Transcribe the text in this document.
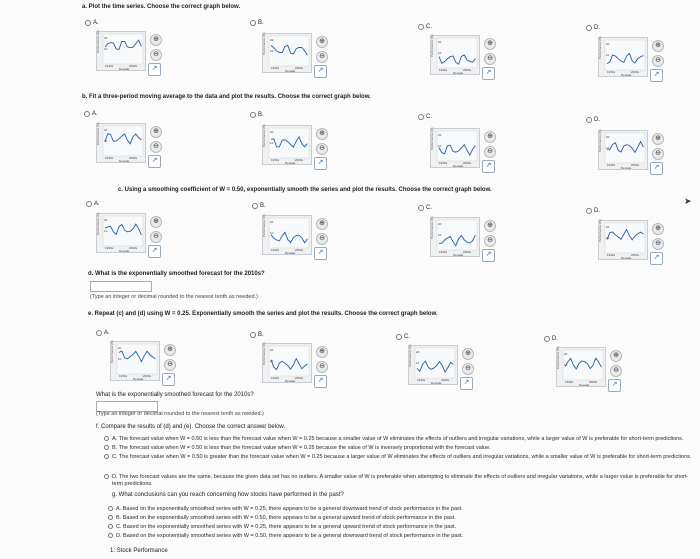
a. Plot the time series. Choose the correct graph below.
A.	B.
C.	D.
b. Fit a three-period moving average to the data and plot the results. Choose the correct graph below.
A.	B.	C.	D.
c. Using a smoothing coefficient of W = 0.50, exponentially smooth the series and plot the results. Choose the correct graph below.
A.	B.	C.	D.
d. What is the exponentially smoothed forecast for the 2010s?
(Type an integer or decimal rounded to the nearest tenth as needed.)
e. Repeat (c) and (d) using W = 0.25. Exponentially smooth the series and plot the results. Choose the correct graph below.
A.	B.	C.	D.
What is the exponentially smoothed forecast for the 2010s?
(Type an integer or decimal rounded to the nearest tenth as needed.)
f. Compare the results of (d) and (e). Choose the correct answer below.
A. The forecast value when W = 0.50 is less than the forecast value when W = 0.25 because a smaller value of W eliminates the effects of outliers and irregular variations, while a larger value of W is preferable for short-term predictions.
B. The forecast value when W = 0.50 is less than the forecast value when W = 0.25 because the value of W is inversely proportional with the forecast value.
C. The forecast value when W = 0.50 is greater than the forecast value when W = 0.25 because a larger value of W eliminates the effects of outliers and irregular variations, while a smaller value of W is preferable for short-term predictions.
D. The two forecast values are the same, because the given data set has no outliers. A smaller value of W is preferable when attempting to eliminate the effects of outliers and irregular variations, while a larger value is preferable for short-term predictions.
g. What conclusions can you reach concerning how stocks have performed in the past?
A. Based on the exponentially smoothed series with W = 0.25, there appears to be a general downward trend of stock performance in the past.
B. Based on the exponentially smoothed series with W = 0.50, there appears to be a general upward trend of stock performance in the past.
C. Based on the exponentially smoothed series with W = 0.25, there appears to be a general upward trend of stock performance in the past.
D. Based on the exponentially smoothed series with W = 0.50, there appears to be a general downward trend of stock performance in the past.
1: Stock Performance
➤
Performance (%) 20
10
1930s	2000s
Decade
⊕
⊖
↗
Performance (%) 20
10
1930s	2000s
Decade
⊕
⊖
↗
Performance (%) 20
10
1930s	2000s
Decade
⊕
⊖
↗
Performance (%) 20
10
1930s	2000s
Decade
⊕
⊖
↗
Performance (%) 20
10
1930s	2000s
Decade
⊕
⊖
↗
Performance (%) 20
10
1930s	2000s
Decade
⊕
⊖
↗
Performance (%) 20
10
1930s	2000s
Decade
⊕
⊖
↗
Performance (%) 20
10
1930s	2000s
Decade
⊕
⊖
↗
Performance (%) 20
10
1930s	2000s
Decade
⊕
⊖
↗
Performance (%) 20
10
1930s	2000s
Decade
⊕
⊖
↗
Performance (%) 20
10
1930s	2000s
Decade
⊕
⊖
↗
Performance (%) 20
10
1930s	2000s
Decade
⊕
⊖
↗
Performance (%) 20
10
1930s	2000s
Decade
⊕
⊖
↗
Performance (%) 20
10
1930s	2000s
Decade
⊕
⊖
↗
Performance (%) 20
10
1930s	2000s
Decade
⊕
⊖
↗
Performance (%) 20
10
1930s	2000s
Decade
⊕
⊖
↗
